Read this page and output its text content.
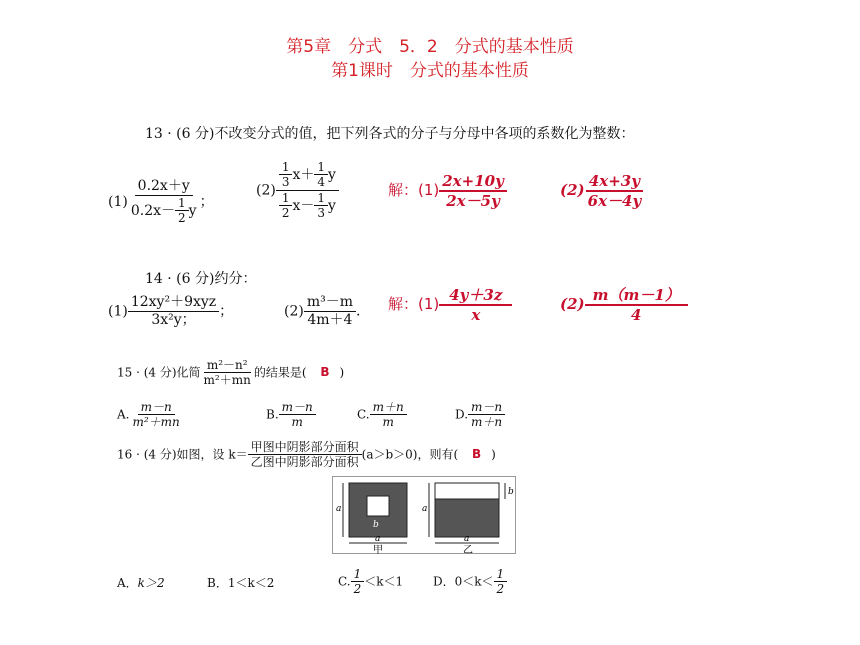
第5章　分式　5．2　分式的基本性质
第1课时　分式的基本性质
13 · (6 分)不改变分式的值，把下列各式的分子与分母中各项的系数化为整数：
$(1) \frac{0.2x+y}{0.2x- \frac{1}{2} y}$ ；
$(2) \frac{\frac{1}{3} x+ \frac{1}{4} y}{\frac{1}{2} x- \frac{1}{3} y}$	解：$(1) \frac{2x+10y}{2x-5y}$	$(2) \frac{4x+3y}{6x-4y}$
14 · (6 分)约分：
$(1) \frac{\text{12xy²＋9xyz}}{\text{3x²y；}}$ ；	$(2) \frac{\text{m³－m}}{4m+4}$ . 解：$(1) \frac{4y+3z}{x}$	$(2) \frac{m(m-1)}{4}$
15 · (4 分)化简 $\frac{\text{m²－n²}}{\text{m²＋mn}}$ 的结果是( B )
A. $\frac{m-n}{\text{m²＋mn}}$	B. $\frac{m-n}{m}$	C. $\frac{m+n}{m}$	D. $\frac{m-n}{m+n}$
16 · (4 分)如图，设 $k= \frac{\text{甲图中阴影部分面积}}{\text{乙图中阴影部分面积}} (a>b>0)$，则有( B )
a
a
b
甲
a
b
a
乙
A．k＞2	B．1＜k＜2	C. $\frac{1}{2} <k<1$ D．$0<k< \frac{1}{2}$
